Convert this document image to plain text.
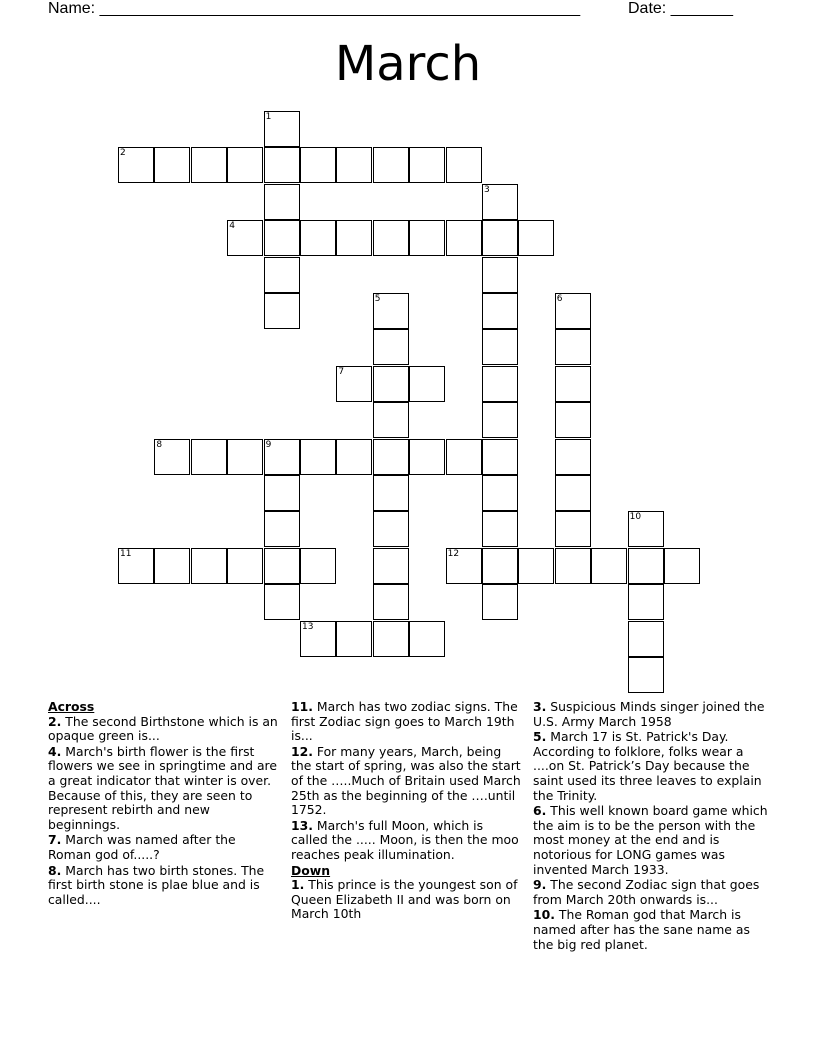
Name: ______________________________________________________	Date: _______
March
1
2
3
4
5	6
7
8	9
10
11	12
13
Across
2. The second Birthstone which is an opaque green is...
4. March's birth flower is the first flowers we see in springtime and are a great indicator that winter is over. Because of this, they are seen to represent rebirth and new beginnings.
7. March was named after the Roman god of.....?
8. March has two birth stones. The first birth stone is plae blue and is called....
11. March has two zodiac signs. The first Zodiac sign goes to March 19th is...
12. For many years, March, being the start of spring, was also the start of the …..Much of Britain used March 25th as the beginning of the ….until 1752.
13. March's full Moon, which is called the ..... Moon, is then the moo reaches peak illumination.
Down
1. This prince is the youngest son of Queen Elizabeth II and was born on March 10th
3. Suspicious Minds singer joined the U.S. Army March 1958
5. March 17 is St. Patrick's Day. According to folklore, folks wear a ....on St. Patrick’s Day because the saint used its three leaves to explain the Trinity.
6. This well known board game which the aim is to be the person with the most money at the end and is notorious for LONG games was invented March 1933.
9. The second Zodiac sign that goes from March 20th onwards is...
10. The Roman god that March is named after has the sane name as the big red planet.
